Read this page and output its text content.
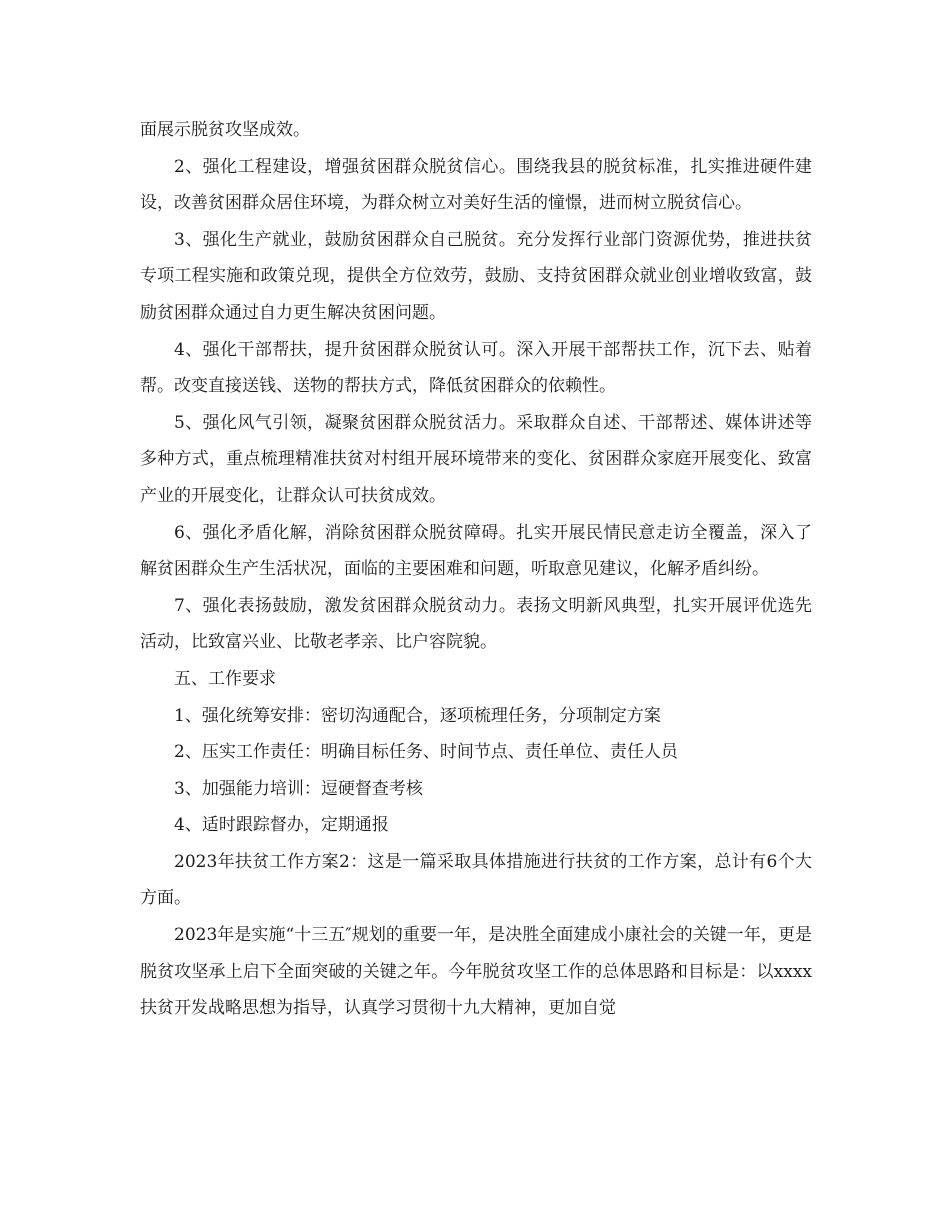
面展示脱贫攻坚成效。

2、强化工程建设，增强贫困群众脱贫信心。围绕我县的脱贫标准，扎实推进硬件建设，改善贫困群众居住环境，为群众树立对美好生活的憧憬，进而树立脱贫信心。

3、强化生产就业，鼓励贫困群众自己脱贫。充分发挥行业部门资源优势，推进扶贫专项工程实施和政策兑现，提供全方位效劳，鼓励、支持贫困群众就业创业增收致富，鼓励贫困群众通过自力更生解决贫困问题。

4、强化干部帮扶，提升贫困群众脱贫认可。深入开展干部帮扶工作，沉下去、贴着帮。改变直接送钱、送物的帮扶方式，降低贫困群众的依赖性。

5、强化风气引领，凝聚贫困群众脱贫活力。采取群众自述、干部帮述、媒体讲述等多种方式，重点梳理精准扶贫对村组开展环境带来的变化、贫困群众家庭开展变化、致富产业的开展变化，让群众认可扶贫成效。

6、强化矛盾化解，消除贫困群众脱贫障碍。扎实开展民情民意走访全覆盖，深入了解贫困群众生产生活状况，面临的主要困难和问题，听取意见建议，化解矛盾纠纷。

7、强化表扬鼓励，激发贫困群众脱贫动力。表扬文明新风典型，扎实开展评优选先活动，比致富兴业、比敬老孝亲、比户容院貌。

五、工作要求

1、强化统筹安排：密切沟通配合，逐项梳理任务，分项制定方案

2、压实工作责任：明确目标任务、时间节点、责任单位、责任人员

3、加强能力培训：逗硬督查考核

4、适时跟踪督办，定期通报

2023年扶贫工作方案2：这是一篇采取具体措施进行扶贫的工作方案，总计有6个大方面。

2023年是实施“十三五″规划的重要一年，是决胜全面建成小康社会的关键一年，更是脱贫攻坚承上启下全面突破的关键之年。今年脱贫攻坚工作的总体思路和目标是：以xxxx扶贫开发战略思想为指导，认真学习贯彻十九大精神，更加自觉
